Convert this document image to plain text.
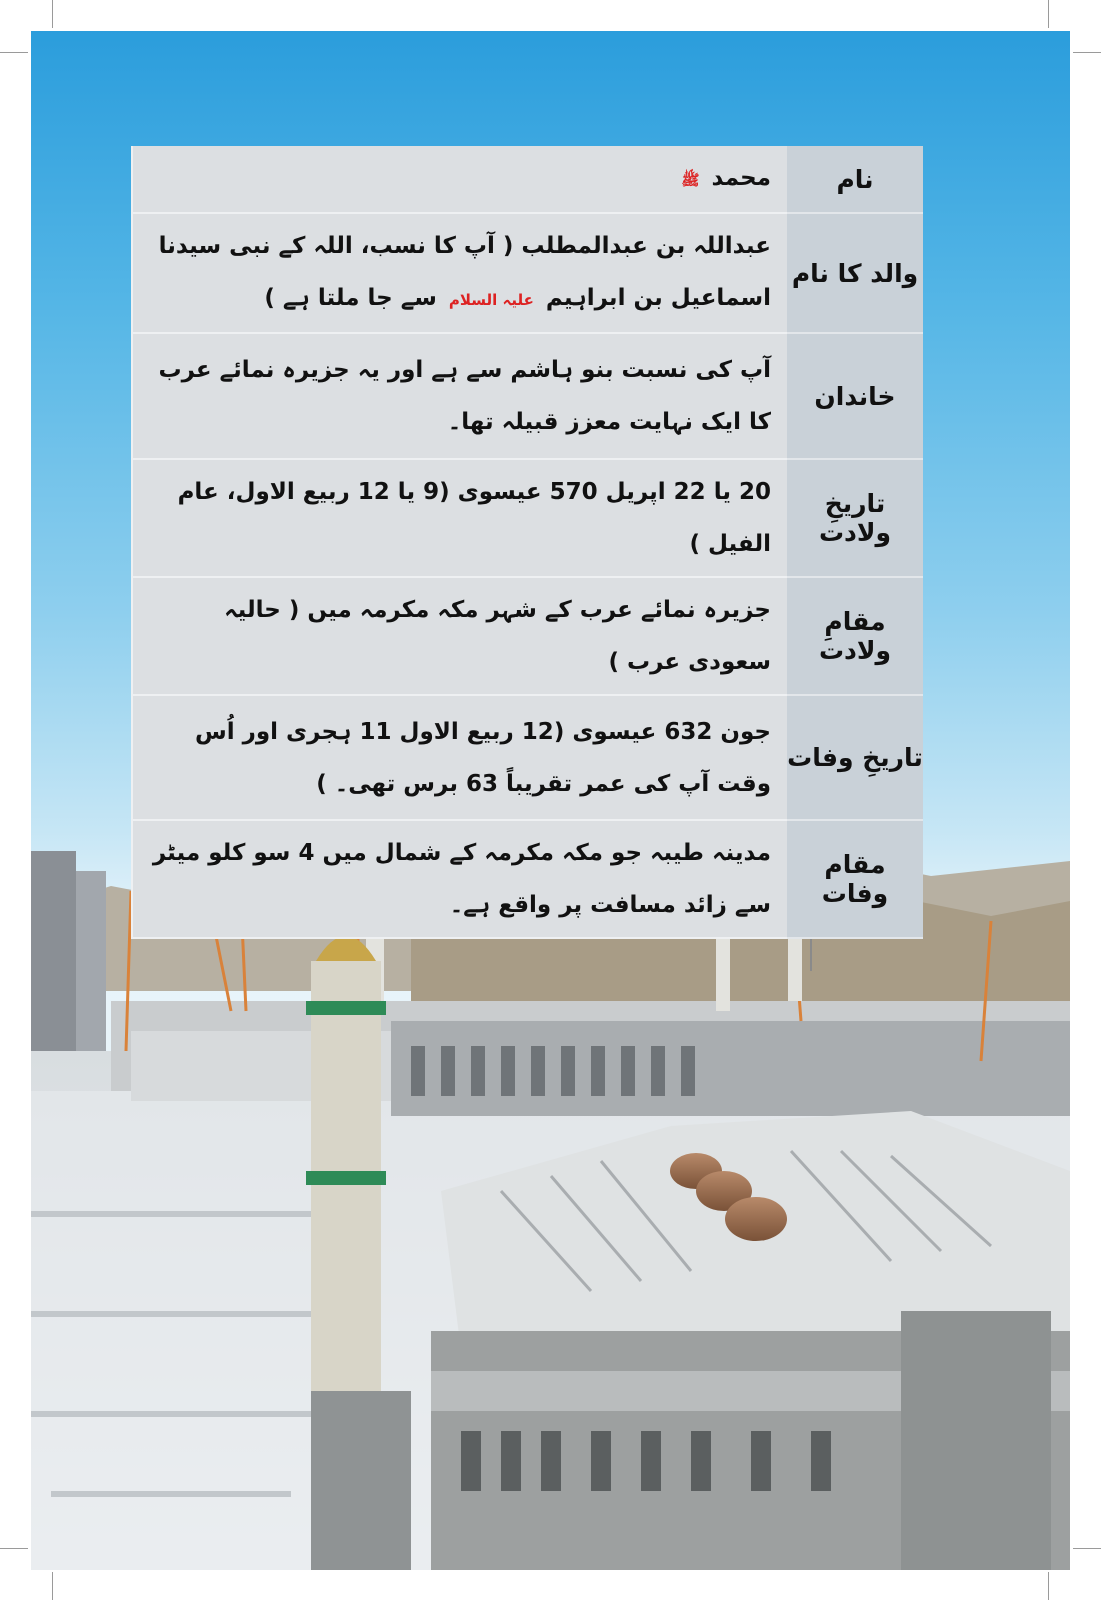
نام	محمد ﷺ
والد کا نام	عبداللہ بن عبدالمطلب ( آپ کا نسب، اللہ کے نبی سیدنا اسماعیل بن ابراہیم علیہ السلام سے جا ملتا ہے )
خاندان	آپ کی نسبت بنو ہاشم سے ہے اور یہ جزیرہ نمائے عرب کا ایک نہایت معزز قبیلہ تھا۔
تاریخِ ولادت	20 یا 22 اپریل 570 عیسوی (9 یا 12 ربیع الاول، عام الفیل )
مقامِ ولادت	جزیرہ نمائے عرب کے شہر مکہ مکرمہ میں ( حالیہ سعودی عرب )
تاریخِ وفات	جون 632 عیسوی (12 ربیع الاول 11 ہجری اور اُس وقت آپ کی عمر تقریباً 63 برس تھی۔ )
مقام وفات	مدینہ طیبہ جو مکہ مکرمہ کے شمال میں 4 سو کلو میٹر سے زائد مسافت پر واقع ہے۔
